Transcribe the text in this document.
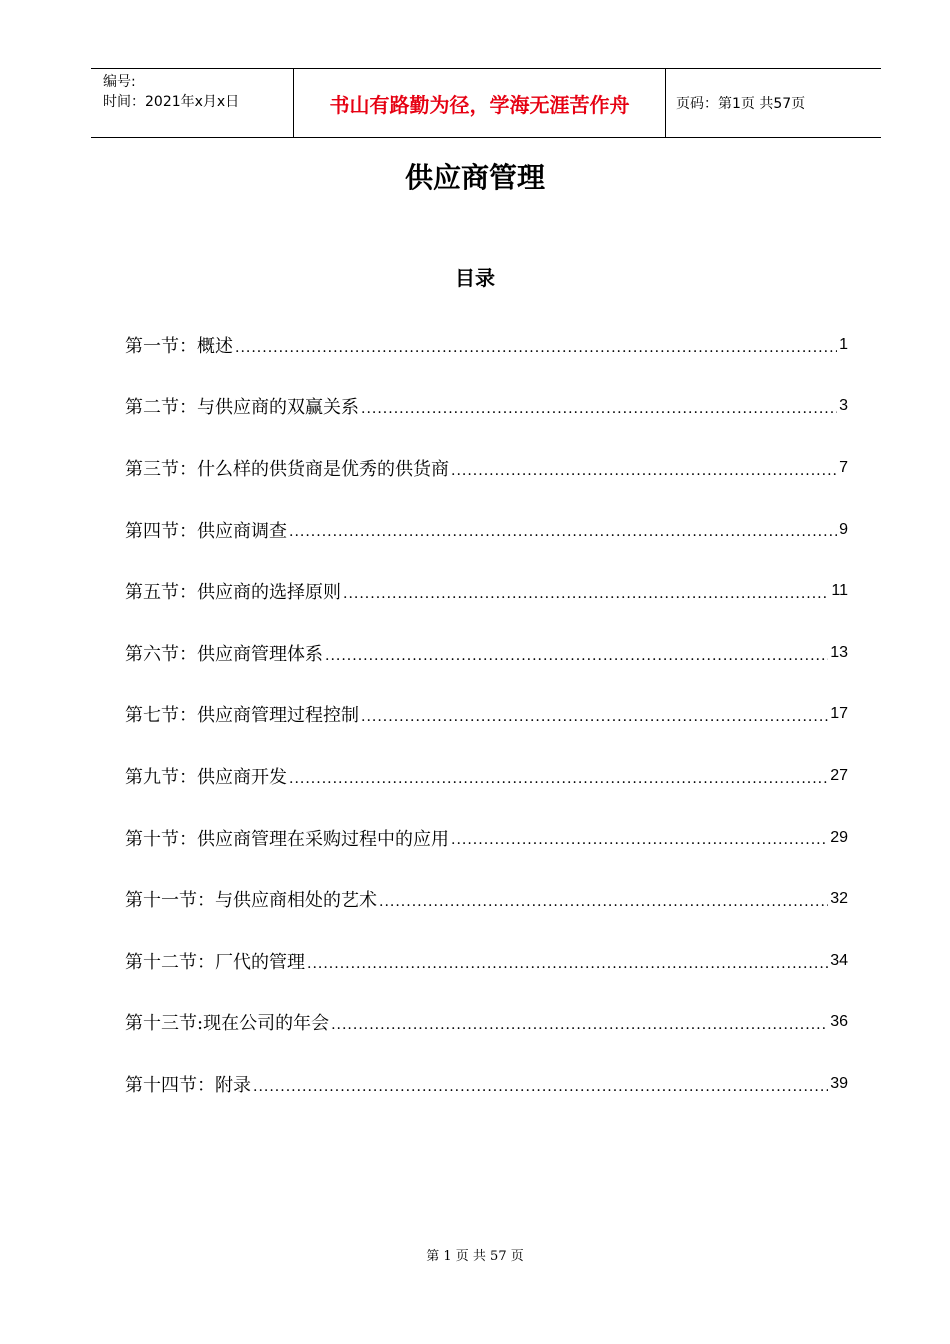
编号:
时间：2021年x月x日	书山有路勤为径，学海无涯苦作舟	页码：第1页 共57页
供应商管理
目录
第一节：概述 .....	1
第二节：与供应商的双赢关系 .....	3
第三节：什么样的供货商是优秀的供货商 .....	7
第四节：供应商调查 .....	9
第五节：供应商的选择原则 .....	11
第六节：供应商管理体系 .....	13
第七节：供应商管理过程控制 .....	17
第九节：供应商开发 .....	27
第十节：供应商管理在采购过程中的应用 .....	29
第十一节：与供应商相处的艺术 .....	32
第十二节：厂代的管理 .....	34
第十三节:现在公司的年会 .....	36
第十四节：附录 .....	39
第 1 页 共 57 页
